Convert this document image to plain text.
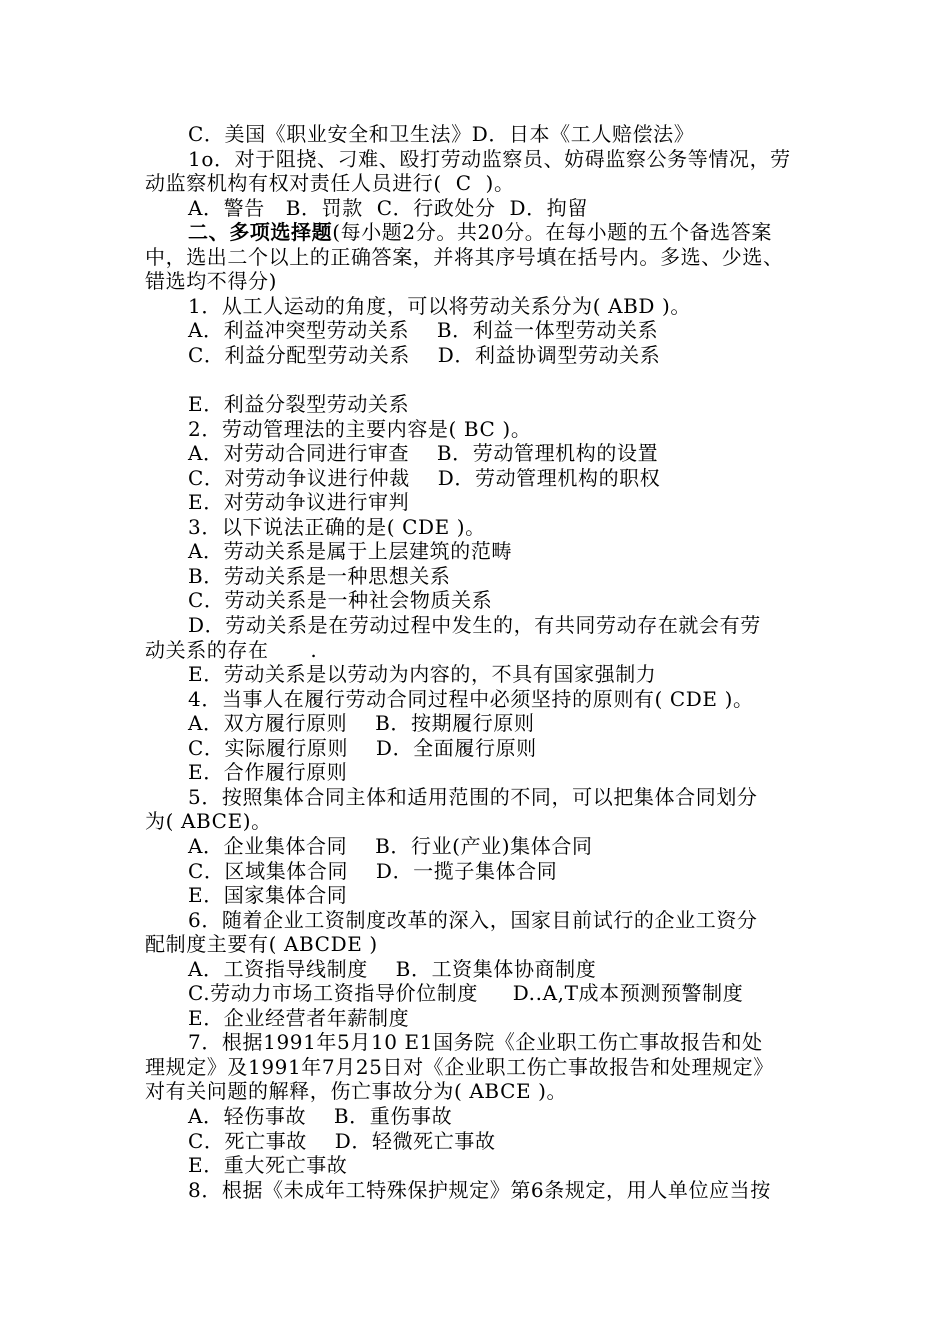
C．美国《职业安全和卫生法》D．日本《工人赔偿法》
1o．对于阻挠、刁难、殴打劳动监察员、妨碍监察公务等情况，劳
动监察机构有权对责任人员进行(  C  )。
A．警告   B．罚款  C．行政处分  D．拘留
二、多项选择题(每小题2分。共20分。在每小题的五个备选答案
中，选出二个以上的正确答案，并将其序号填在括号内。多选、少选、
错选均不得分)
1．从工人运动的角度，可以将劳动关系分为( ABD )。
A．利益冲突型劳动关系    B．利益一体型劳动关系
C．利益分配型劳动关系    D．利益协调型劳动关系
E．利益分裂型劳动关系
2．劳动管理法的主要内容是( BC )。
A．对劳动合同进行审查    B．劳动管理机构的设置
C．对劳动争议进行仲裁    D．劳动管理机构的职权
E．对劳动争议进行审判
3．以下说法正确的是( CDE )。
A．劳动关系是属于上层建筑的范畴
B．劳动关系是一种思想关系
C．劳动关系是一种社会物质关系
D．劳动关系是在劳动过程中发生的，有共同劳动存在就会有劳
动关系的存在      .
E．劳动关系是以劳动为内容的，不具有国家强制力
4．当事人在履行劳动合同过程中必须坚持的原则有( CDE )。
A．双方履行原则    B．按期履行原则
C．实际履行原则    D．全面履行原则
E．合作履行原则
5．按照集体合同主体和适用范围的不同，可以把集体合同划分
为( ABCE)。
A．企业集体合同    B．行业(产业)集体合同
C．区域集体合同    D．一揽子集体合同
E．国家集体合同
6．随着企业工资制度改革的深入，国家目前试行的企业工资分
配制度主要有( ABCDE )
A．工资指导线制度    B．工资集体协商制度
C.劳动力市场工资指导价位制度     D..A,T成本预测预警制度
E．企业经营者年薪制度
7．根据1991年5月10 E1国务院《企业职工伤亡事故报告和处
理规定》及1991年7月25日对《企业职工伤亡事故报告和处理规定》
对有关问题的解释，伤亡事故分为( ABCE )。
A．轻伤事故    B．重伤事故
C．死亡事故    D．轻微死亡事故
E．重大死亡事故
8．根据《未成年工特殊保护规定》第6条规定，用人单位应当按
